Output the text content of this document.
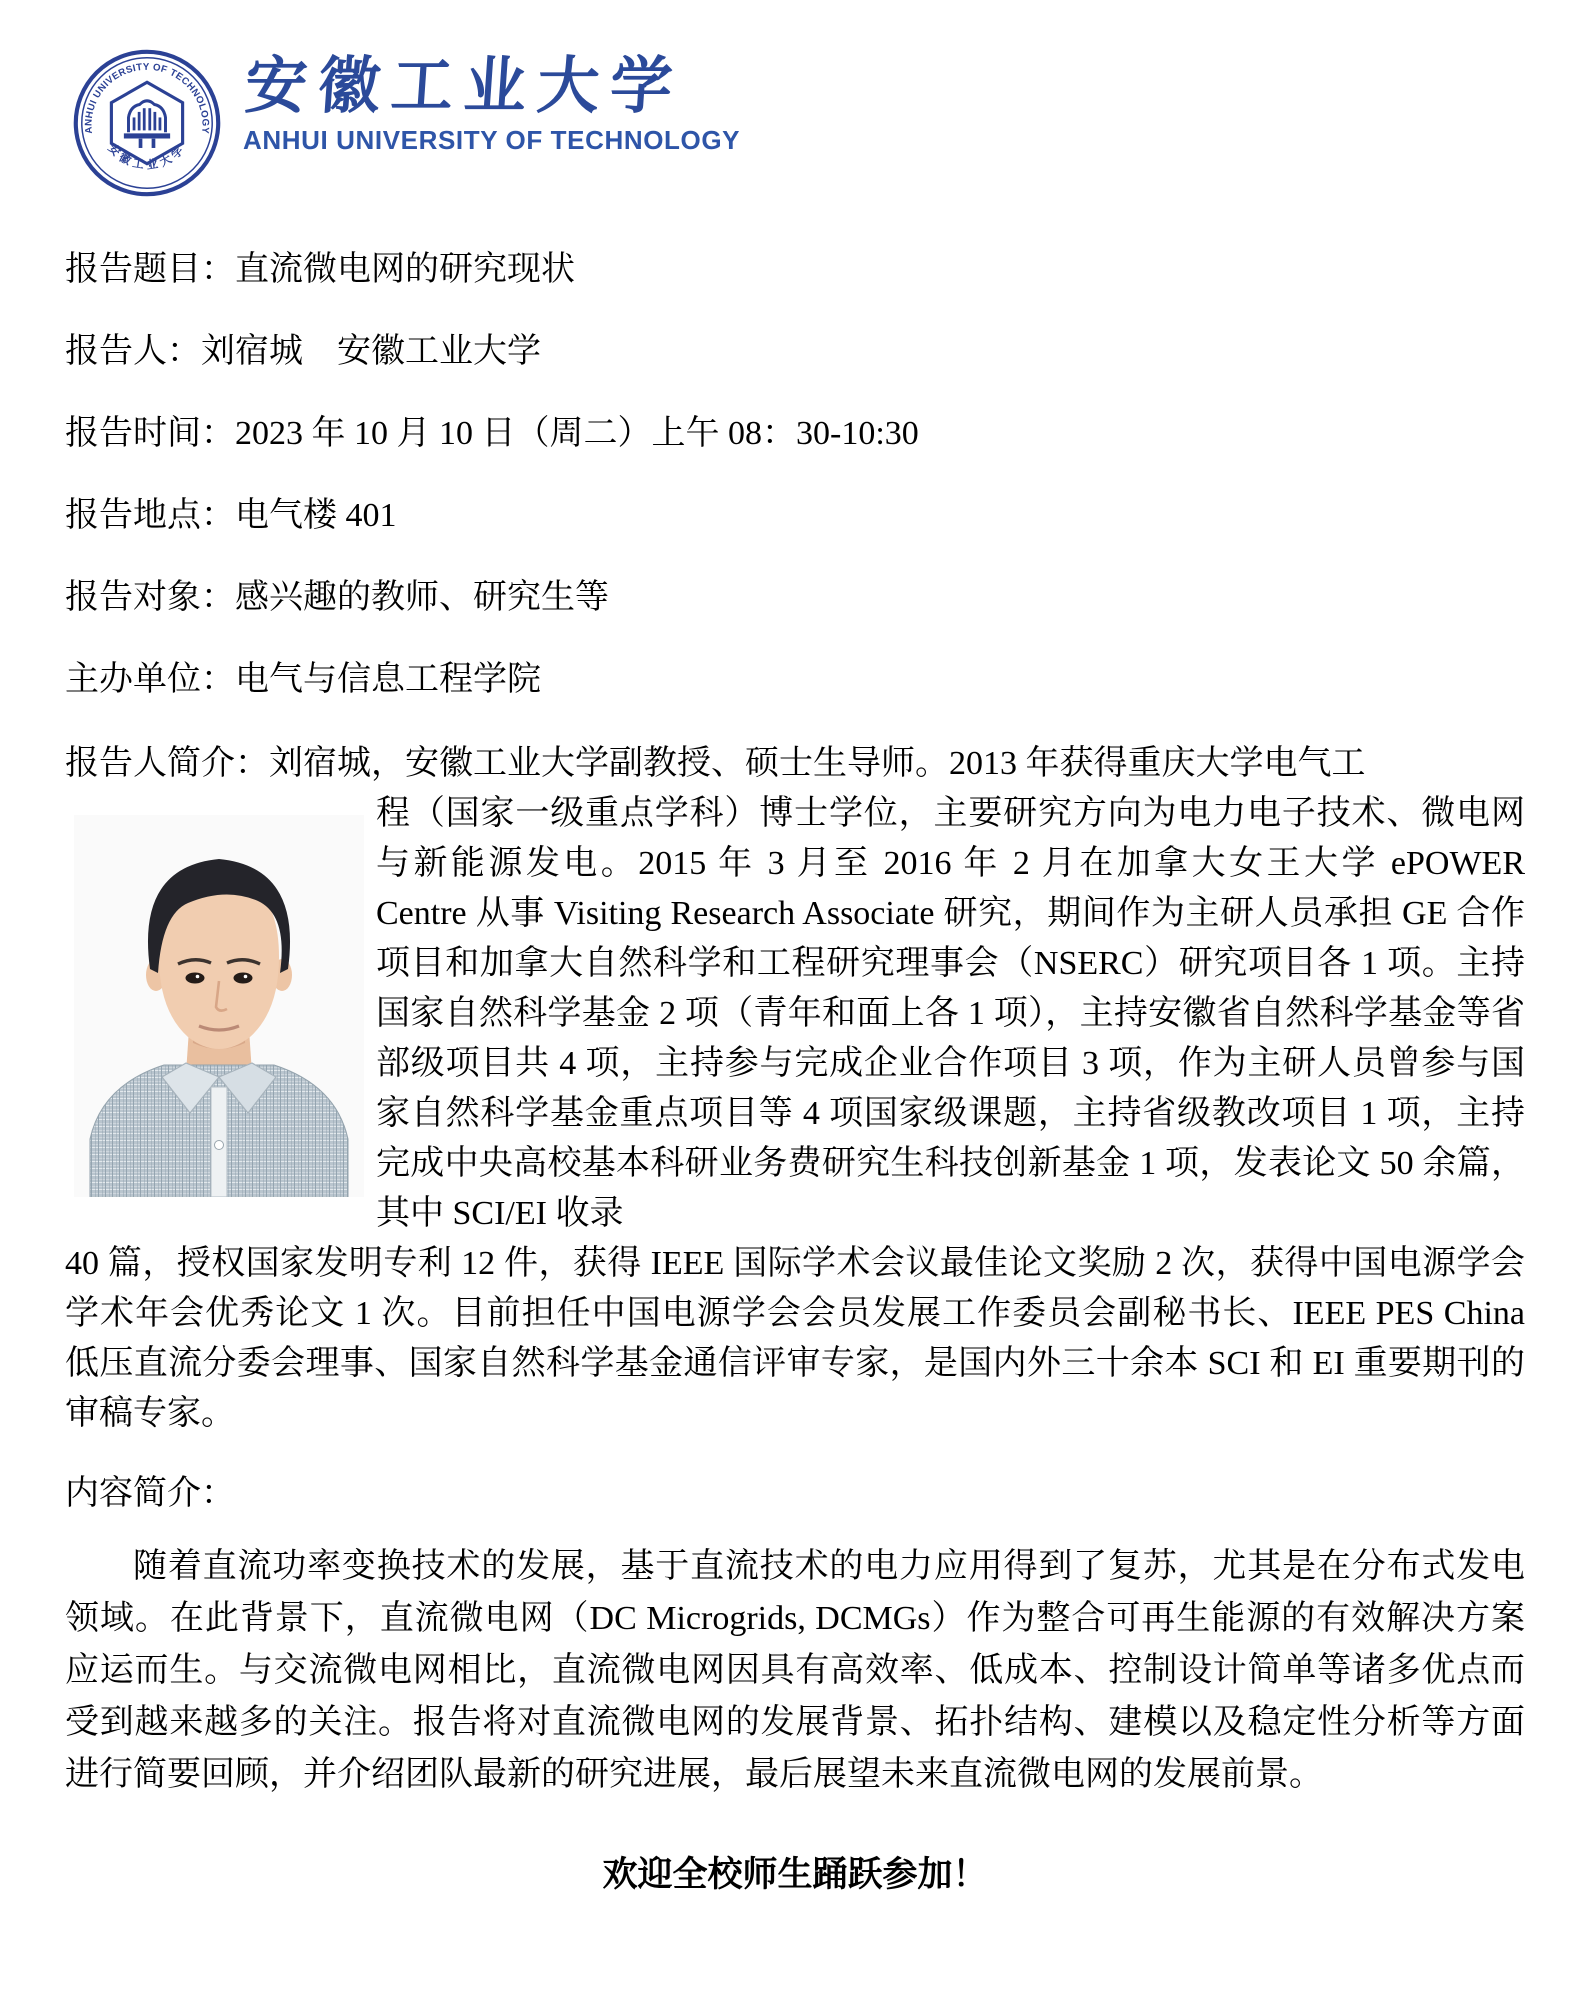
ANHUI UNIVERSITY OF TECHNOLOGY
安徽工业大学
安徽工业大学
ANHUI UNIVERSITY OF TECHNOLOGY

报告题目：直流微电网的研究现状

报告人：刘宿城　安徽工业大学

报告时间：2023 年 10 月 10 日（周二）上午 08：30-10:30

报告地点：电气楼 401

报告对象：感兴趣的教师、研究生等

主办单位：电气与信息工程学院

报告人简介：刘宿城，安徽工业大学副教授、硕士生导师。2013 年获得重庆大学电气工

程（国家一级重点学科）博士学位，主要研究方向为电力电子技术、微电网与新能源发电。2015 年 3 月至 2016 年 2 月在加拿大女王大学 ePOWER Centre 从事 Visiting Research Associate 研究，期间作为主研人员承担 GE 合作项目和加拿大自然科学和工程研究理事会（NSERC）研究项目各 1 项。主持国家自然科学基金 2 项（青年和面上各 1 项），主持安徽省自然科学基金等省部级项目共 4 项，主持参与完成企业合作项目 3 项，作为主研人员曾参与国家自然科学基金重点项目等 4 项国家级课题，主持省级教改项目 1 项，主持完成中央高校基本科研业务费研究生科技创新基金 1 项，发表论文 50 余篇，其中 SCI/EI 收录

40 篇，授权国家发明专利 12 件，获得 IEEE 国际学术会议最佳论文奖励 2 次，获得中国电源学会学术年会优秀论文 1 次。目前担任中国电源学会会员发展工作委员会副秘书长、IEEE PES China 低压直流分委会理事、国家自然科学基金通信评审专家，是国内外三十余本 SCI 和 EI 重要期刊的审稿专家。

内容简介：

随着直流功率变换技术的发展，基于直流技术的电力应用得到了复苏，尤其是在分布式发电领域。在此背景下，直流微电网（DC Microgrids, DCMGs）作为整合可再生能源的有效解决方案应运而生。与交流微电网相比，直流微电网因具有高效率、低成本、控制设计简单等诸多优点而受到越来越多的关注。报告将对直流微电网的发展背景、拓扑结构、建模以及稳定性分析等方面进行简要回顾，并介绍团队最新的研究进展，最后展望未来直流微电网的发展前景。

欢迎全校师生踊跃参加！
